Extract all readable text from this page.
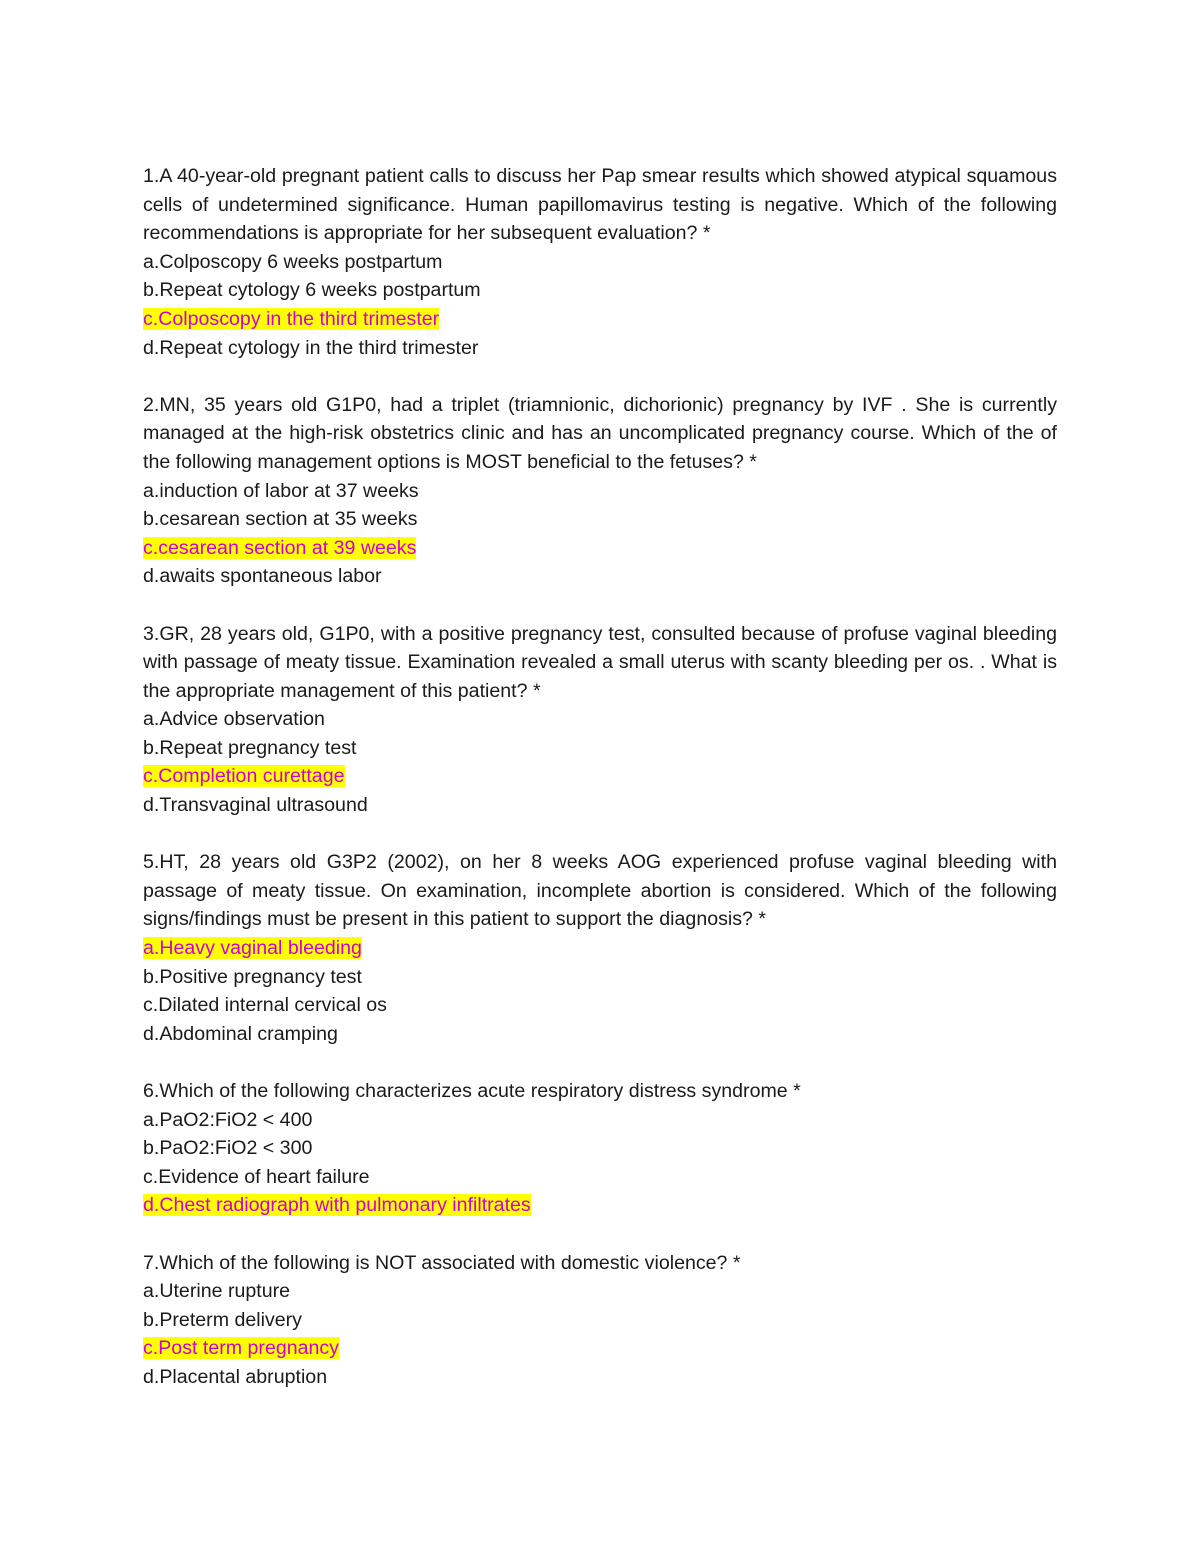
1.A 40-year-old pregnant patient calls to discuss her Pap smear results which showed atypical squamous cells of undetermined significance. Human papillomavirus testing is negative. Which of the following recommendations is appropriate for her subsequent evaluation? *

a.Colposcopy 6 weeks postpartum
b.Repeat cytology 6 weeks postpartum
c.Colposcopy in the third trimester
d.Repeat cytology in the third trimester

2.MN, 35 years old G1P0, had a triplet (triamnionic, dichorionic) pregnancy by IVF . She is currently managed at the high-risk obstetrics clinic and has an uncomplicated pregnancy course. Which of the of the following management options is MOST beneficial to the fetuses? *

a.induction of labor at 37 weeks
b.cesarean section at 35 weeks
c.cesarean section at 39 weeks
d.awaits spontaneous labor

3.GR, 28 years old, G1P0, with a positive pregnancy test, consulted because of profuse vaginal bleeding with passage of meaty tissue. Examination revealed a small uterus with scanty bleeding per os. . What is the appropriate management of this patient? *

a.Advice observation
b.Repeat pregnancy test
c.Completion curettage
d.Transvaginal ultrasound

5.HT, 28 years old G3P2 (2002), on her 8 weeks AOG experienced profuse vaginal bleeding with passage of meaty tissue. On examination, incomplete abortion is considered. Which of the following signs/findings must be present in this patient to support the diagnosis? *

a.Heavy vaginal bleeding
b.Positive pregnancy test
c.Dilated internal cervical os
d.Abdominal cramping

6.Which of the following characterizes acute respiratory distress syndrome *

a.PaO2:FiO2 < 400
b.PaO2:FiO2 < 300
c.Evidence of heart failure
d.Chest radiograph with pulmonary infiltrates

7.Which of the following is NOT associated with domestic violence? *

a.Uterine rupture
b.Preterm delivery
c.Post term pregnancy
d.Placental abruption
